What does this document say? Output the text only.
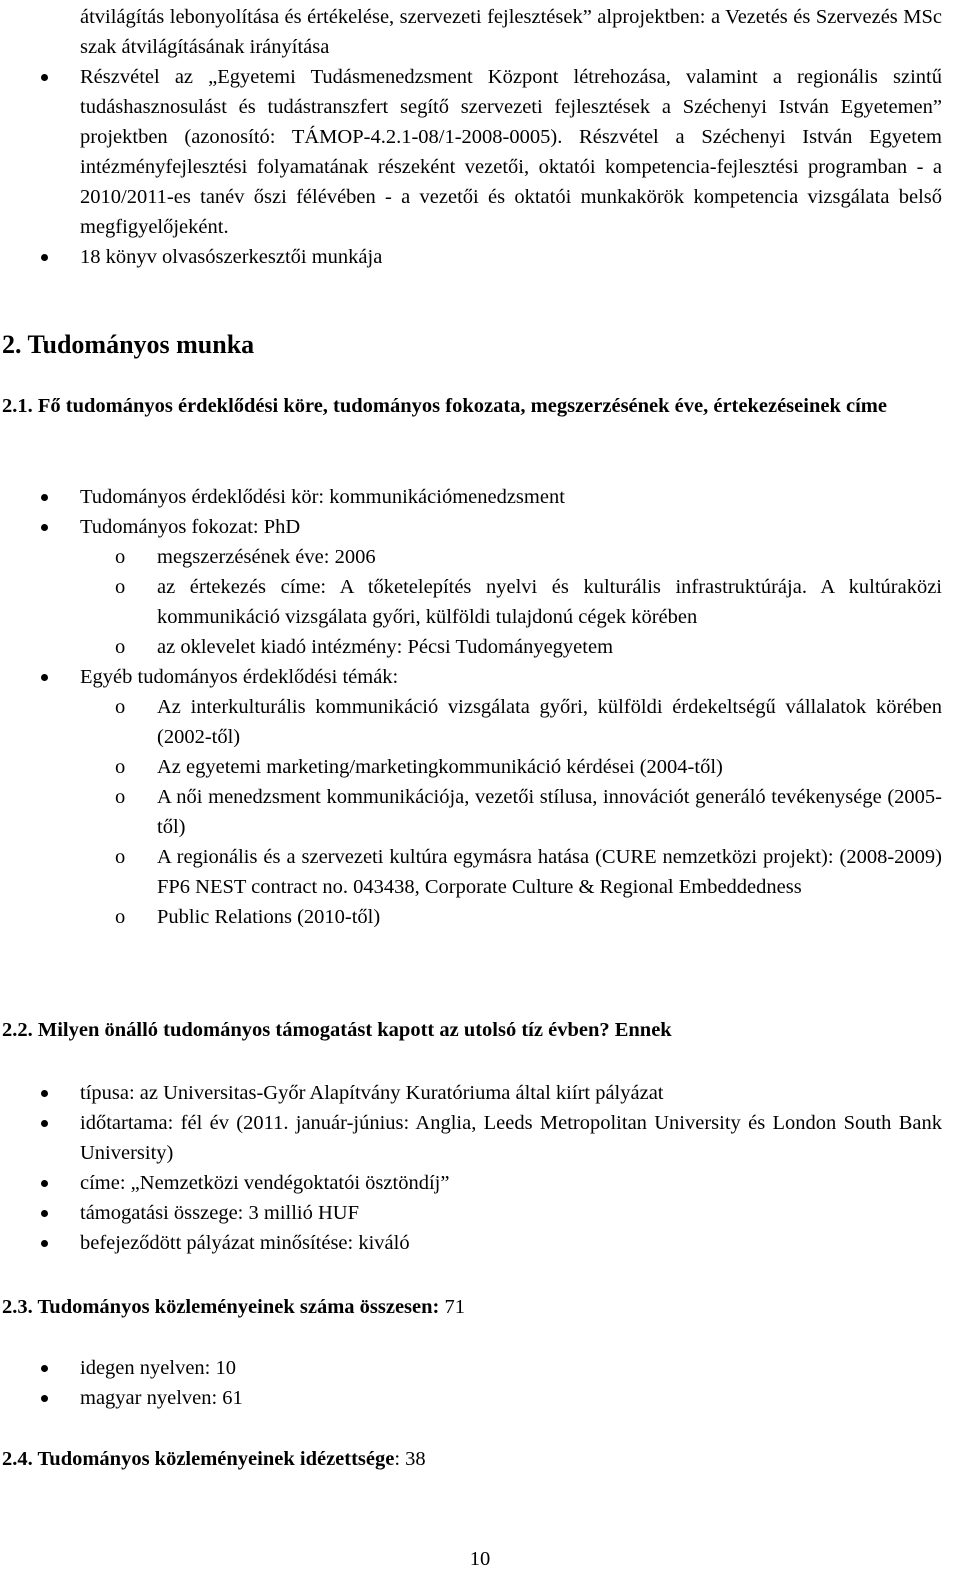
átvilágítás lebonyolítása és értékelése, szervezeti fejlesztések” alprojektben: a Vezetés és Szervezés MSc szak átvilágításának irányítása

Részvétel az „Egyetemi Tudásmenedzsment Központ létrehozása, valamint a regionális szintű tudáshasznosulást és tudástranszfert segítő szervezeti fejlesztések a Széchenyi István Egyetemen” projektben (azonosító: TÁMOP-4.2.1-08/1-2008-0005). Részvétel a Széchenyi István Egyetem intézményfejlesztési folyamatának részeként vezetői, oktatói kompetencia-fejlesztési programban - a 2010/2011-es tanév őszi félévében - a vezetői és oktatói munkakörök kompetencia vizsgálata belső megfigyelőjeként.
18 könyv olvasószerkesztői munkája

2. Tudományos munka

2.1. Fő tudományos érdeklődési köre, tudományos fokozata, megszerzésének éve, értekezéseinek címe

Tudományos érdeklődési kör: kommunikációmenedzsment
Tudományos fokozat: PhD
o megszerzésének éve: 2006
o az értekezés címe: A tőketelepítés nyelvi és kulturális infrastruktúrája. A kultúraközi kommunikáció vizsgálata győri, külföldi tulajdonú cégek körében
o az oklevelet kiadó intézmény: Pécsi Tudományegyetem
Egyéb tudományos érdeklődési témák:
o Az interkulturális kommunikáció vizsgálata győri, külföldi érdekeltségű vállalatok körében (2002-től)
o Az egyetemi marketing/marketingkommunikáció kérdései (2004-től)
o A női menedzsment kommunikációja, vezetői stílusa, innovációt generáló tevékenysége (2005-től)
o A regionális és a szervezeti kultúra egymásra hatása (CURE nemzetközi projekt): (2008-2009) FP6 NEST contract no. 043438, Corporate Culture & Regional Embeddedness
o Public Relations (2010-től)

2.2. Milyen önálló tudományos támogatást kapott az utolsó tíz évben? Ennek

típusa: az Universitas-Győr Alapítvány Kuratóriuma által kiírt pályázat
időtartama: fél év (2011. január-június: Anglia, Leeds Metropolitan University és London South Bank University)
címe: „Nemzetközi vendégoktatói ösztöndíj”
támogatási összege: 3 millió HUF
befejeződött pályázat minősítése: kiváló

2.3. Tudományos közleményeinek száma összesen: 71

idegen nyelven: 10
magyar nyelven: 61

2.4. Tudományos közleményeinek idézettsége: 38

10
